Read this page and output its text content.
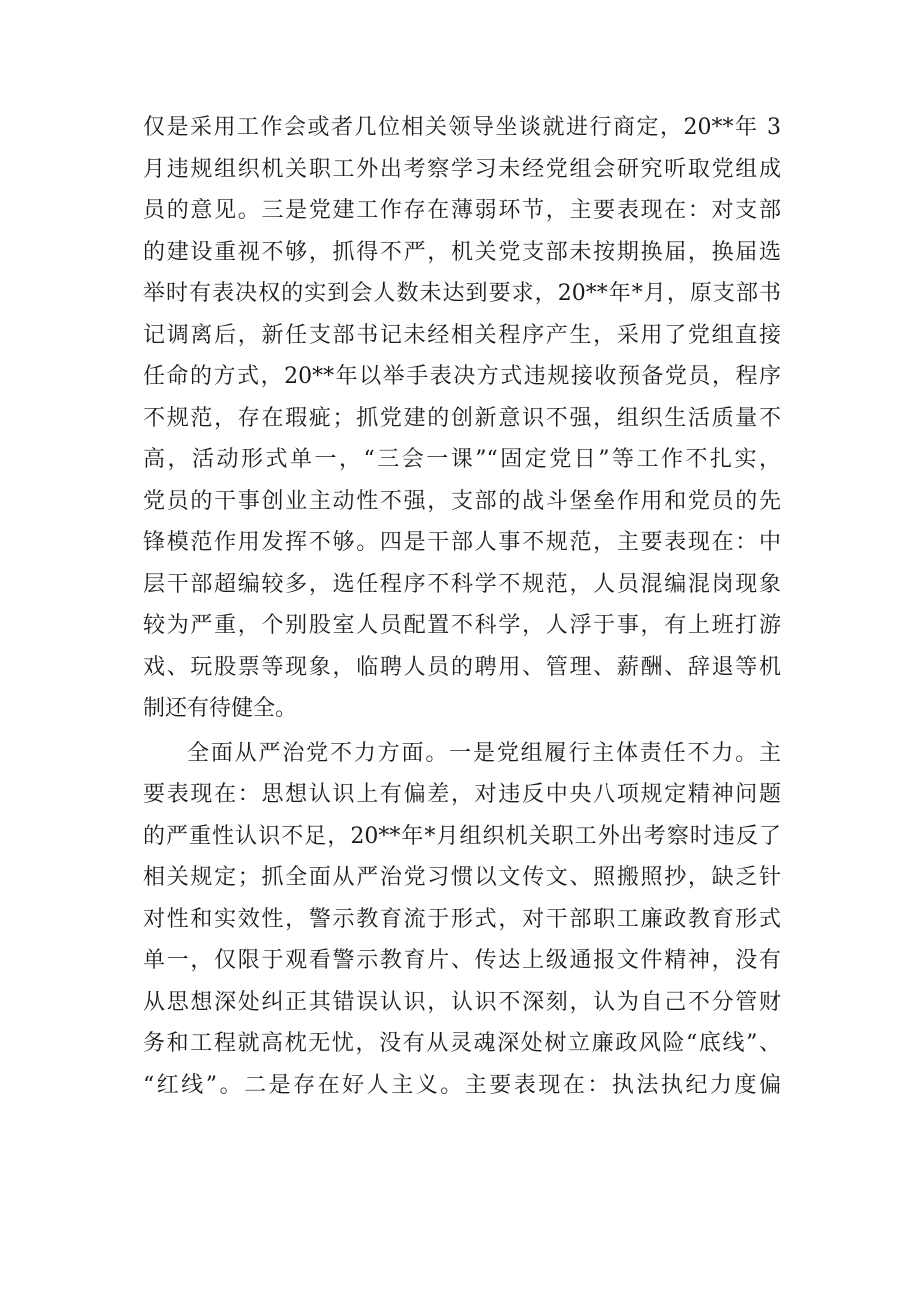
仅是采用工作会或者几位相关领导坐谈就进行商定，20**年 3
月违规组织机关职工外出考察学习未经党组会研究听取党组成
员的意见。三是党建工作存在薄弱环节，主要表现在：对支部
的建设重视不够，抓得不严，机关党支部未按期换届，换届选
举时有表决权的实到会人数未达到要求，20**年*月，原支部书
记调离后，新任支部书记未经相关程序产生，采用了党组直接
任命的方式，20**年以举手表决方式违规接收预备党员，程序
不规范，存在瑕疵；抓党建的创新意识不强，组织生活质量不
高，活动形式单一，“三会一课”“固定党日”等工作不扎实，
党员的干事创业主动性不强，支部的战斗堡垒作用和党员的先
锋模范作用发挥不够。四是干部人事不规范，主要表现在：中
层干部超编较多，选任程序不科学不规范，人员混编混岗现象
较为严重，个别股室人员配置不科学，人浮于事，有上班打游
戏、玩股票等现象，临聘人员的聘用、管理、薪酬、辞退等机
制还有待健全。
全面从严治党不力方面。一是党组履行主体责任不力。主
要表现在：思想认识上有偏差，对违反中央八项规定精神问题
的严重性认识不足，20**年*月组织机关职工外出考察时违反了
相关规定；抓全面从严治党习惯以文传文、照搬照抄，缺乏针
对性和实效性，警示教育流于形式，对干部职工廉政教育形式
单一，仅限于观看警示教育片、传达上级通报文件精神，没有
从思想深处纠正其错误认识，认识不深刻，认为自己不分管财
务和工程就高枕无忧，没有从灵魂深处树立廉政风险“底线”、
“红线”。二是存在好人主义。主要表现在：执法执纪力度偏
